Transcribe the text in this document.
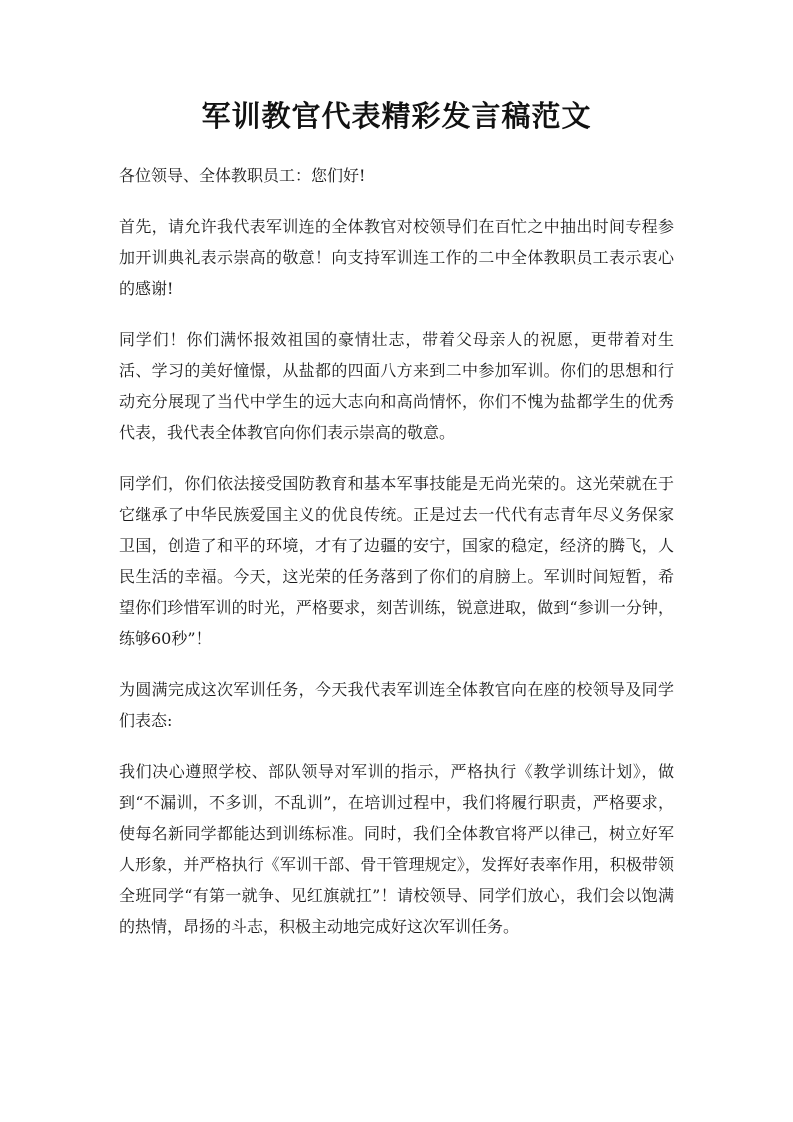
军训教官代表精彩发言稿范文

各位领导、全体教职员工：您们好!

首先，请允许我代表军训连的全体教官对校领导们在百忙之中抽出时间专程参加开训典礼表示崇高的敬意！向支持军训连工作的二中全体教职员工表示衷心的感谢!

同学们！你们满怀报效祖国的豪情壮志，带着父母亲人的祝愿，更带着对生活、学习的美好憧憬，从盐都的四面八方来到二中参加军训。你们的思想和行动充分展现了当代中学生的远大志向和高尚情怀，你们不愧为盐都学生的优秀代表，我代表全体教官向你们表示崇高的敬意。

同学们，你们依法接受国防教育和基本军事技能是无尚光荣的。这光荣就在于它继承了中华民族爱国主义的优良传统。正是过去一代代有志青年尽义务保家卫国，创造了和平的环境，才有了边疆的安宁，国家的稳定，经济的腾飞，人民生活的幸福。今天，这光荣的任务落到了你们的肩膀上。军训时间短暂，希望你们珍惜军训的时光，严格要求，刻苦训练，锐意进取，做到“参训一分钟，练够60秒”！

为圆满完成这次军训任务，今天我代表军训连全体教官向在座的校领导及同学们表态:

我们决心遵照学校、部队领导对军训的指示，严格执行《教学训练计划》，做到“不漏训，不多训，不乱训”，在培训过程中，我们将履行职责，严格要求，使每名新同学都能达到训练标准。同时，我们全体教官将严以律己，树立好军人形象，并严格执行《军训干部、骨干管理规定》，发挥好表率作用，积极带领全班同学“有第一就争、见红旗就扛”！请校领导、同学们放心，我们会以饱满的热情，昂扬的斗志，积极主动地完成好这次军训任务。
